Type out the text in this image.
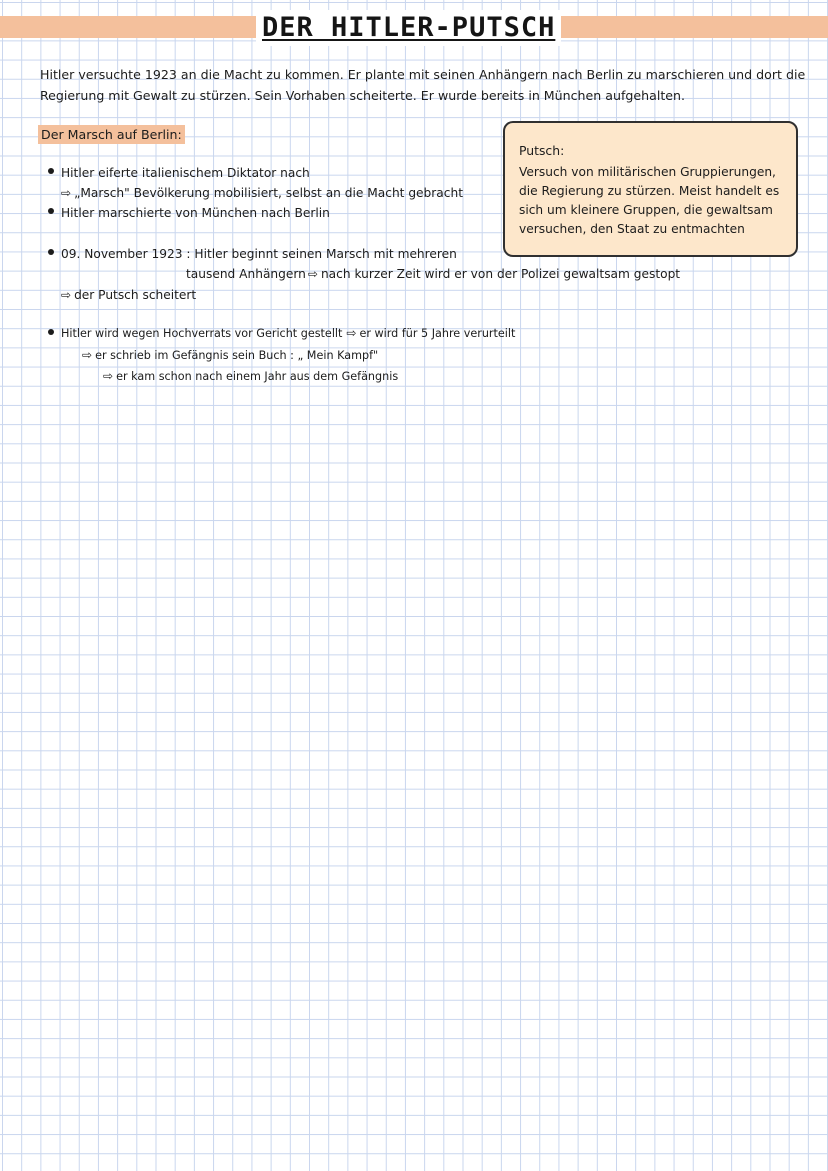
DER HITLER-PUTSCH
Hitler versuchte 1923 an die Macht zu kommen. Er plante mit seinen Anhängern nach Berlin zu marschieren und dort die
Regierung mit Gewalt zu stürzen. Sein Vorhaben scheiterte. Er wurde bereits in München aufgehalten.
Der Marsch auf Berlin:
Putsch:
Versuch von militärischen Gruppierungen,
die Regierung zu stürzen. Meist handelt es
sich um kleinere Gruppen, die gewaltsam
versuchen, den Staat zu entmachten
Hitler eiferte italienischem Diktator nach
⇨ „Marsch" Bevölkerung mobilisiert, selbst an die Macht gebracht
Hitler marschierte von München nach Berlin
09. November 1923 : Hitler beginnt seinen Marsch mit mehreren
tausend Anhängern ⇨ nach kurzer Zeit wird er von der Polizei gewaltsam gestopt
⇨ der Putsch scheitert
Hitler wird wegen Hochverrats vor Gericht gestellt ⇨ er wird für 5 Jahre verurteilt
⇨ er schrieb im Gefängnis sein Buch : „ Mein Kampf"
⇨ er kam schon nach einem Jahr aus dem Gefängnis
